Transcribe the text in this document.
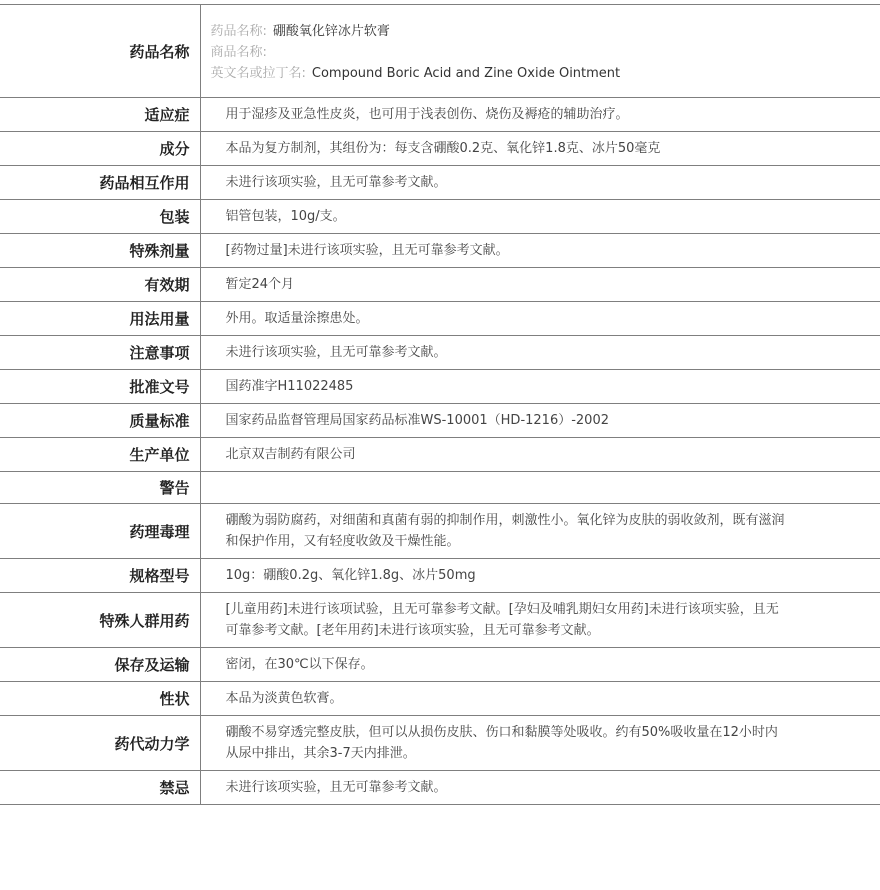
药品名称	药品名称: 硼酸氧化锌冰片软膏
商品名称:
英文名或拉丁名: Compound Boric Acid and Zine Oxide Ointment

适应症	用于湿疹及亚急性皮炎，也可用于浅表创伤、烧伤及褥疮的辅助治疗。
成分	本品为复方制剂，其组份为：每支含硼酸0.2克、氧化锌1.8克、冰片50毫克
药品相互作用	未进行该项实验，且无可靠参考文献。
包装	铝管包装，10g/支。
特殊剂量	[药物过量]未进行该项实验，且无可靠参考文献。
有效期	暂定24个月
用法用量	外用。取适量涂擦患处。
注意事项	未进行该项实验，且无可靠参考文献。
批准文号	国药准字H11022485
质量标准	国家药品监督管理局国家药品标准WS-10001（HD-1216）-2002
生产单位	北京双吉制药有限公司
警告	
药理毒理	硼酸为弱防腐药，对细菌和真菌有弱的抑制作用，刺激性小。氧化锌为皮肤的弱收敛剂，既有滋润和保护作用，又有轻度收敛及干燥性能。
规格型号	10g：硼酸0.2g、氧化锌1.8g、冰片50mg
特殊人群用药	[儿童用药]未进行该项试验，且无可靠参考文献。[孕妇及哺乳期妇女用药]未进行该项实验，且无可靠参考文献。[老年用药]未进行该项实验，且无可靠参考文献。
保存及运输	密闭，在30℃以下保存。
性状	本品为淡黄色软膏。
药代动力学	硼酸不易穿透完整皮肤，但可以从损伤皮肤、伤口和黏膜等处吸收。约有50%吸收量在12小时内从尿中排出，其余3-7天内排泄。
禁忌	未进行该项实验，且无可靠参考文献。
